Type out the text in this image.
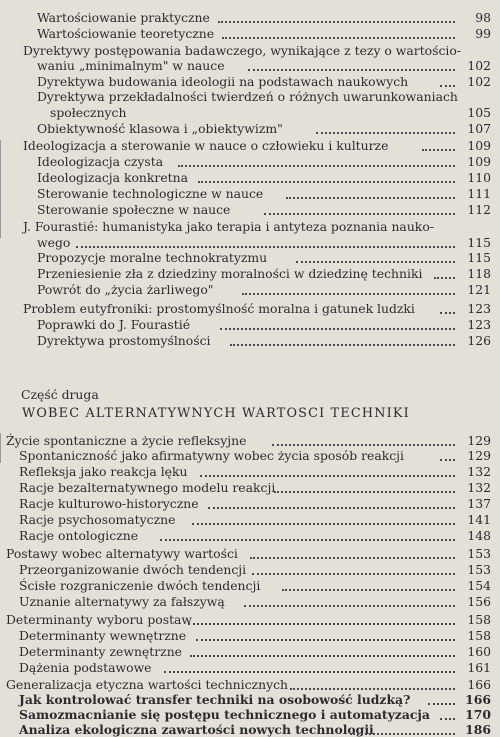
Wartościowanie praktyczne	98
Wartościowanie teoretyczne	99
Dyrektywy postępowania badawczego, wynikające z tezy o wartościo-
waniu „minimalnym" w nauce	102
Dyrektywa budowania ideologii na podstawach naukowych	102
Dyrektywa przekładalności twierdzeń o różnych uwarunkowaniach
społecznych	105
Obiektywność klasowa i „obiektywizm"	107
Ideologizacja a sterowanie w nauce o człowieku i kulturze	109
Ideologizacja czysta	109
Ideologizacja konkretna	110
Sterowanie technologiczne w nauce	111
Sterowanie społeczne w nauce	112
J. Fourastié: humanistyka jako terapia i antyteza poznania nauko-
wego	115
Propozycje moralne technokratyzmu	115
Przeniesienie zła z dziedziny moralności w dziedzinę techniki	118
Powrót do „życia żarliwego"	121
Problem eutyfroniki: prostomyślność moralna i gatunek ludzki	123
Poprawki do J. Fourastié	123
Dyrektywa prostomyślności	126
Część druga
WOBEC ALTERNATYWNYCH WARTOSCI TECHNIKI
Życie spontaniczne a życie refleksyjne	129
Spontaniczność jako afirmatywny wobec życia sposób reakcji	129
Refleksja jako reakcja lęku	132
Racje bezalternatywnego modelu reakcji	132
Racje kulturowo-historyczne	137
Racje psychosomatyczne	141
Racje ontologiczne	148
Postawy wobec alternatywy wartości	153
Przeorganizowanie dwóch tendencji	153
Ścisłe rozgraniczenie dwóch tendencji	154
Uznanie alternatywy za fałszywą	156
Determinanty wyboru postaw	158
Determinanty wewnętrzne	158
Determinanty zewnętrzne	160
Dążenia podstawowe	161
Generalizacja etyczna wartości technicznych	166
Jak kontrolować transfer techniki na osobowość ludzką?	166
Samozmacnianie się postępu technicznego i automatyzacja	170
Analiza ekologiczna zawartości nowych technologii	186
